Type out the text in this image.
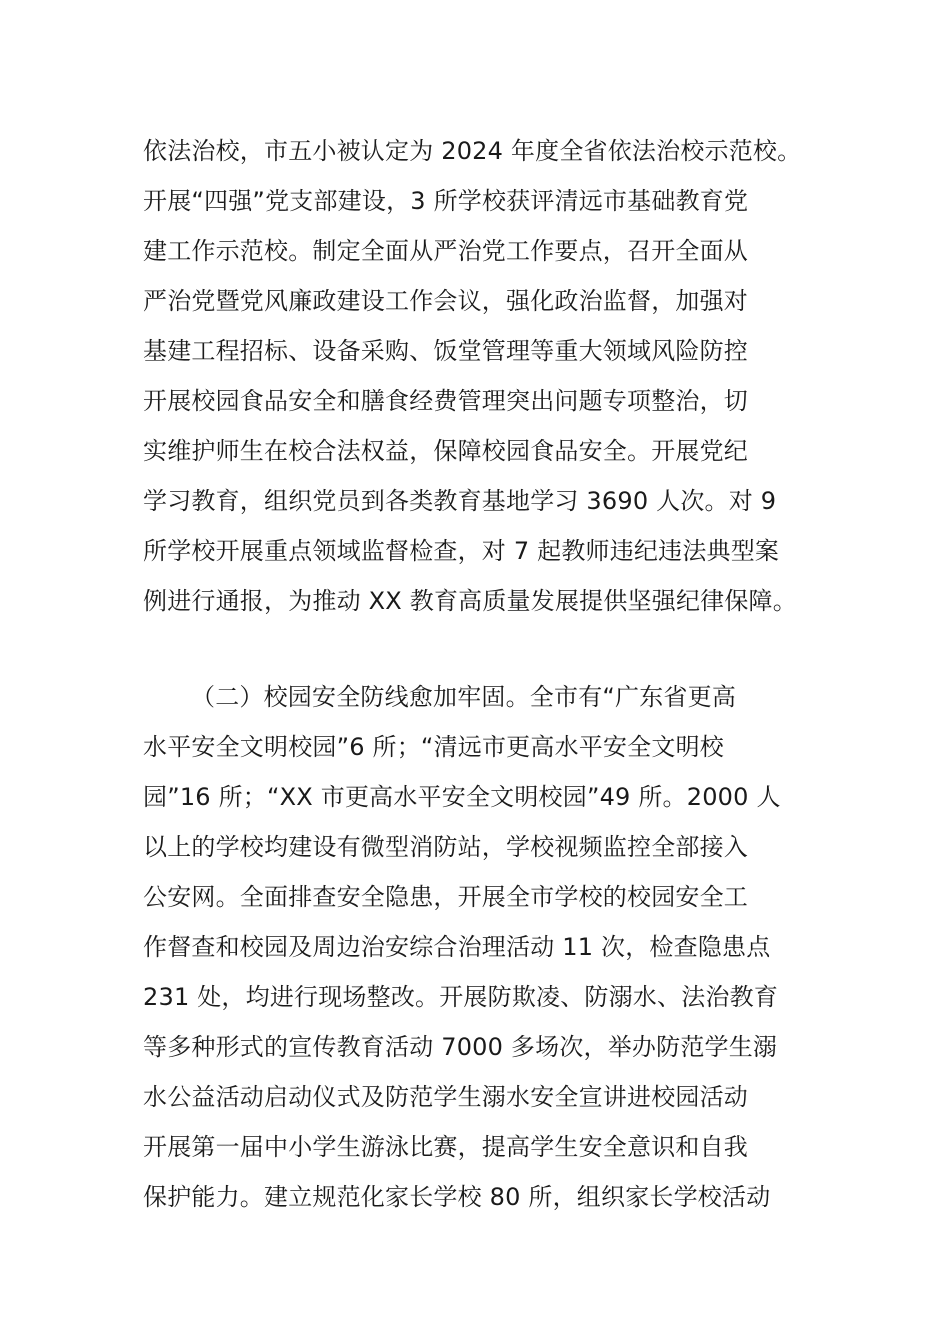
依法治校，市五小被认定为 2024 年度全省依法治校示范校。
开展“四强”党支部建设，3 所学校获评清远市基础教育党
建工作示范校。制定全面从严治党工作要点，召开全面从
严治党暨党风廉政建设工作会议，强化政治监督，加强对
基建工程招标、设备采购、饭堂管理等重大领域风险防控
开展校园食品安全和膳食经费管理突出问题专项整治，切
实维护师生在校合法权益，保障校园食品安全。开展党纪
学习教育，组织党员到各类教育基地学习 3690 人次。对 9
所学校开展重点领域监督检查，对 7 起教师违纪违法典型案
例进行通报，为推动 XX 教育高质量发展提供坚强纪律保障。
（二）校园安全防线愈加牢固。全市有“广东省更高
水平安全文明校园”6 所；“清远市更高水平安全文明校
园”16 所；“XX 市更高水平安全文明校园”49 所。2000 人
以上的学校均建设有微型消防站，学校视频监控全部接入
公安网。全面排查安全隐患，开展全市学校的校园安全工
作督查和校园及周边治安综合治理活动 11 次，检查隐患点
231 处，均进行现场整改。开展防欺凌、防溺水、法治教育
等多种形式的宣传教育活动 7000 多场次，举办防范学生溺
水公益活动启动仪式及防范学生溺水安全宣讲进校园活动
开展第一届中小学生游泳比赛，提高学生安全意识和自我
保护能力。建立规范化家长学校 80 所，组织家长学校活动
